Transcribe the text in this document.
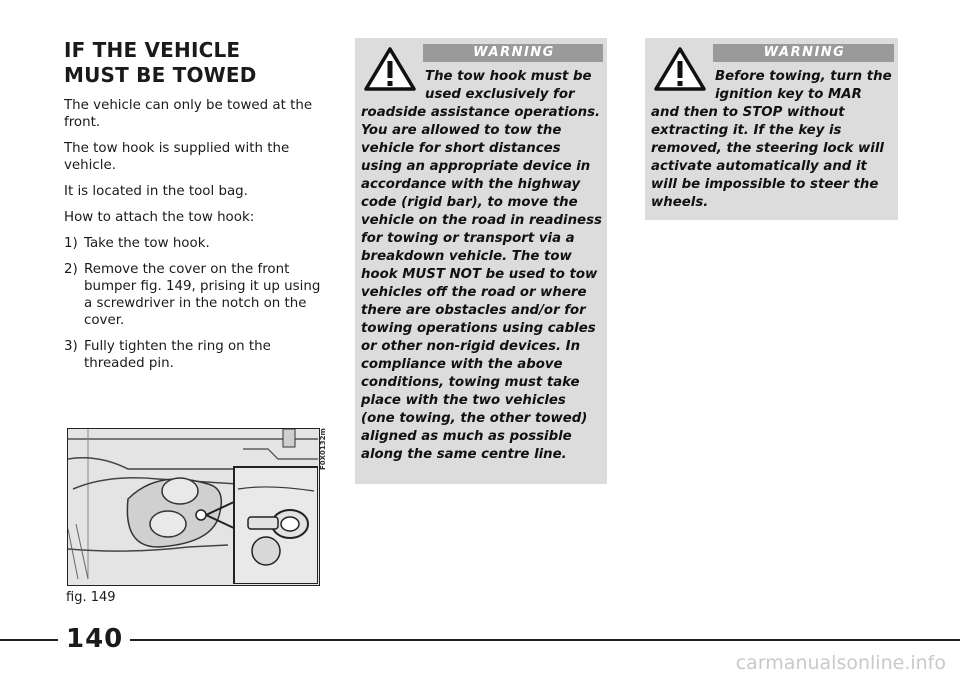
IF THE VEHICLE
MUST BE TOWED

The vehicle can only be towed at the front.

The tow hook is supplied with the vehicle.

It is located in the tool bag.

How to attach the tow hook:

1) Take the tow hook.
2) Remove the cover on the front bumper fig. 149, prising it up using a screwdriver in the notch on the cover.
3) Fully tighten the ring on the threaded pin.
F0X0132m
fig. 149
WARNING

The tow hook must be used exclusively for roadside assistance operations. You are allowed to tow the vehicle for short distances using an appropriate device in accordance with the highway code (rigid bar), to move the vehicle on the road in readiness for towing or transport via a breakdown vehicle. The tow hook MUST NOT be used to tow vehicles off the road or where there are obstacles and/or for towing operations using cables or other non-rigid devices. In compliance with the above conditions, towing must take place with the two vehicles (one towing, the other towed) aligned as much as possible along the same centre line.

WARNING

Before towing, turn the ignition key to MAR and then to STOP without extracting it. If the key is removed, the steering lock will activate automatically and it will be impossible to steer the wheels.

140
carmanualsonline.info
